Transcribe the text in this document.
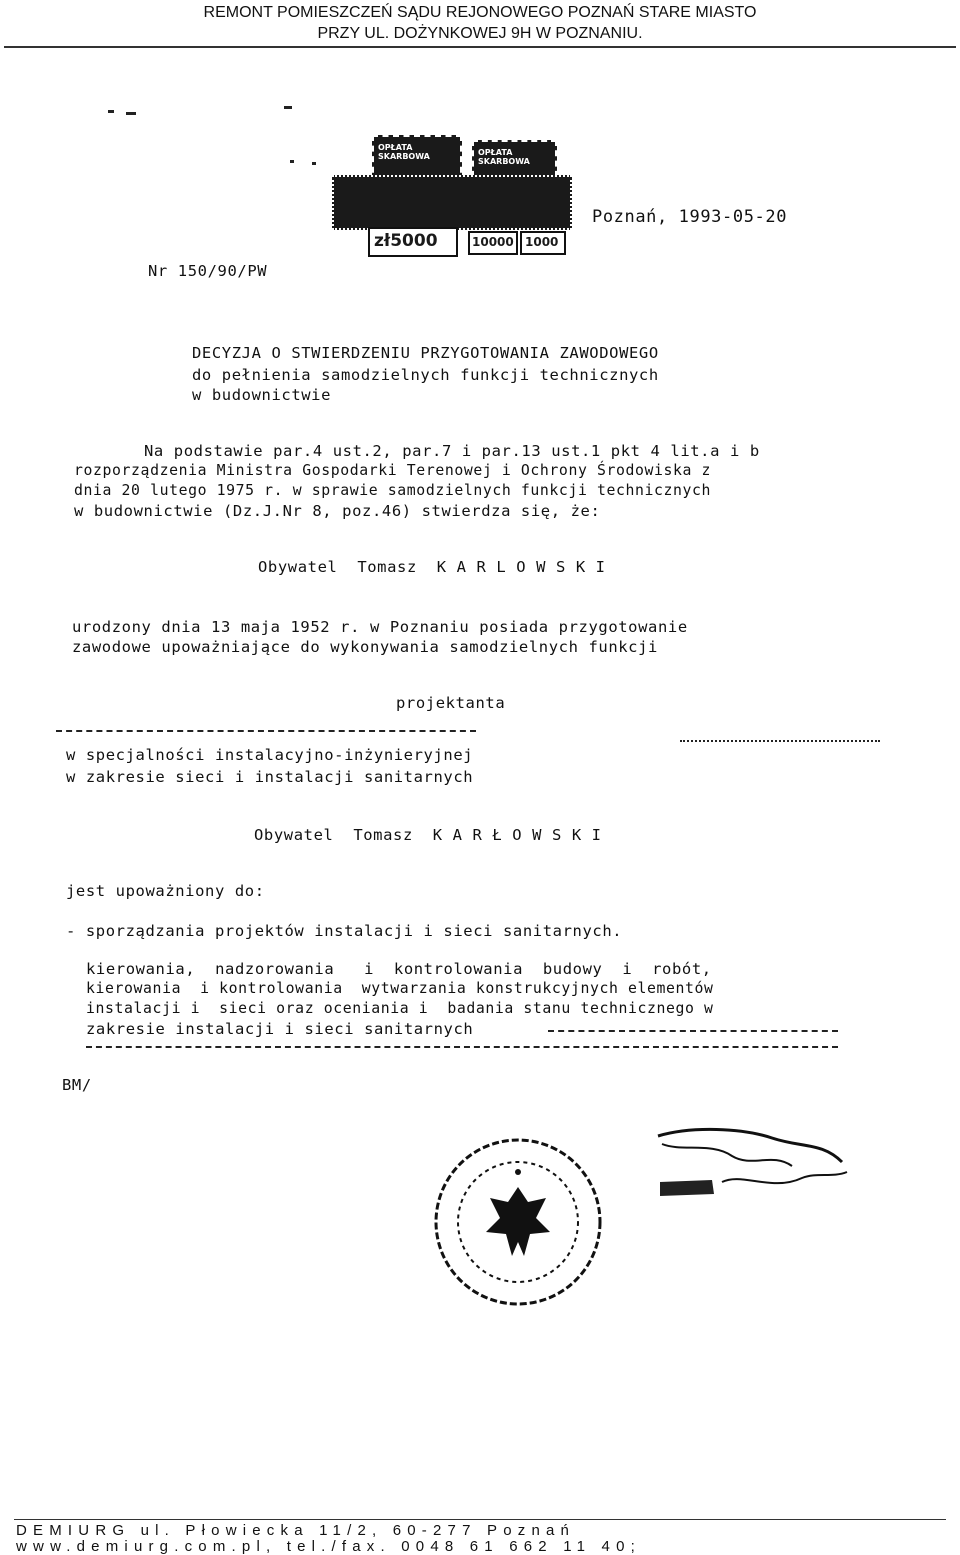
REMONT POMIESZCZEŃ SĄDU REJONOWEGO POZNAŃ STARE MIASTO
PRZY UL. DOŻYNKOWEJ 9H W POZNANIU.
OPŁATA SKARBOWA	OPŁATA SKARBOWA
zł5000	10000 1000
Poznań, 1993-05-20
Nr 150/90/PW
DECYZJA O STWIERDZENIU PRZYGOTOWANIA ZAWODOWEGO
do pełnienia samodzielnych funkcji technicznych
w budownictwie
Na podstawie par.4 ust.2, par.7 i par.13 ust.1 pkt 4 lit.a i b
rozporządzenia Ministra Gospodarki Terenowej i Ochrony Środowiska z
dnia 20 lutego 1975 r. w sprawie samodzielnych funkcji technicznych
w budownictwie (Dz.J.Nr 8, poz.46) stwierdza się, że:
Obywatel  Tomasz  K A R L O W S K I
urodzony dnia 13 maja 1952 r. w Poznaniu posiada przygotowanie
zawodowe upoważniające do wykonywania samodzielnych funkcji
projektanta
w specjalności instalacyjno-inżynieryjnej
w zakresie sieci i instalacji sanitarnych
Obywatel  Tomasz  K A R Ł O W S K I
jest upoważniony do:
- sporządzania projektów instalacji i sieci sanitarnych.
kierowania,  nadzorowania   i  kontrolowania  budowy  i  robót,
kierowania  i kontrolowania  wytwarzania konstrukcyjnych elementów
instalacji i  sieci oraz oceniania i  badania stanu technicznego w
zakresie instalacji i sieci sanitarnych
BM/
DEMIURG ul. Płowiecka 11/2, 60-277 Poznań
www.demiurg.com.pl, tel./fax. 0048 61 662 11 40;
